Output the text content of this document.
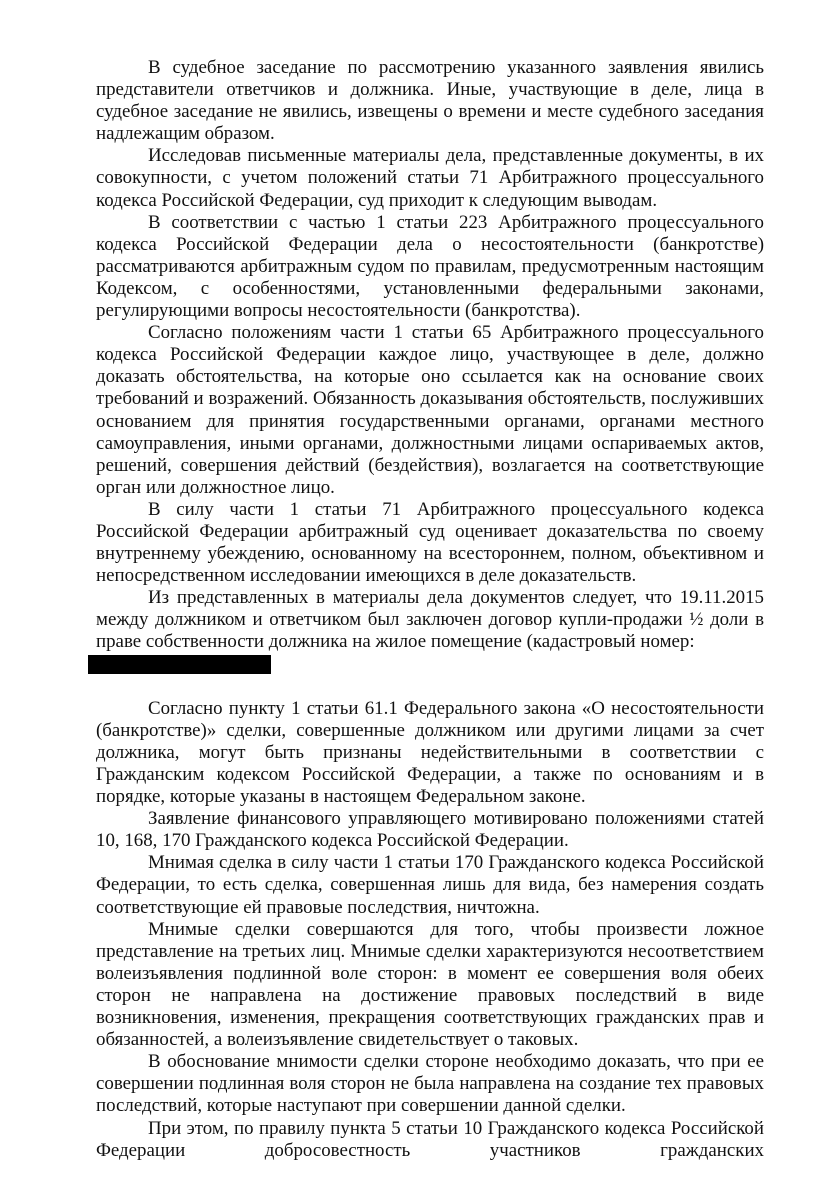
В судебное заседание по рассмотрению указанного заявления явились представители ответчиков и должника. Иные, участвующие в деле, лица в судебное заседание не явились, извещены о времени и месте судебного заседания надлежащим образом.

Исследовав письменные материалы дела, представленные документы, в их совокупности, с учетом положений статьи 71 Арбитражного процессуального кодекса Российской Федерации, суд приходит к следующим выводам.

В соответствии с частью 1 статьи 223 Арбитражного процессуального кодекса Российской Федерации дела о несостоятельности (банкротстве) рассматриваются арбитражным судом по правилам, предусмотренным настоящим Кодексом, с особенностями, установленными федеральными законами, регулирующими вопросы несостоятельности (банкротства).

Согласно положениям части 1 статьи 65 Арбитражного процессуального кодекса Российской Федерации каждое лицо, участвующее в деле, должно доказать обстоятельства, на которые оно ссылается как на основание своих требований и возражений. Обязанность доказывания обстоятельств, послуживших основанием для принятия государственными органами, органами местного самоуправления, иными органами, должностными лицами оспариваемых актов, решений, совершения действий (бездействия), возлагается на соответствующие орган или должностное лицо.

В силу части 1 статьи 71 Арбитражного процессуального кодекса Российской Федерации арбитражный суд оценивает доказательства по своему внутреннему убеждению, основанному на всестороннем, полном, объективном и непосредственном исследовании имеющихся в деле доказательств.

Из представленных в материалы дела документов следует, что 19.11.2015 между должником и ответчиком был заключен договор купли-продажи ½ доли в праве собственности должника на жилое помещение (кадастровый номер:

Согласно пункту 1 статьи 61.1 Федерального закона «О несостоятельности (банкротстве)» сделки, совершенные должником или другими лицами за счет должника, могут быть признаны недействительными в соответствии с Гражданским кодексом Российской Федерации, а также по основаниям и в порядке, которые указаны в настоящем Федеральном законе.

Заявление финансового управляющего мотивировано положениями статей 10, 168, 170 Гражданского кодекса Российской Федерации.

Мнимая сделка в силу части 1 статьи 170 Гражданского кодекса Российской Федерации, то есть сделка, совершенная лишь для вида, без намерения создать соответствующие ей правовые последствия, ничтожна.

Мнимые сделки совершаются для того, чтобы произвести ложное представление на третьих лиц. Мнимые сделки характеризуются несоответствием волеизъявления подлинной воле сторон: в момент ее совершения воля обеих сторон не направлена на достижение правовых последствий в виде возникновения, изменения, прекращения соответствующих гражданских прав и обязанностей, а волеизъявление свидетельствует о таковых.

В обоснование мнимости сделки стороне необходимо доказать, что при ее совершении подлинная воля сторон не была направлена на создание тех правовых последствий, которые наступают при совершении данной сделки.

При этом, по правилу пункта 5 статьи 10 Гражданского кодекса Российской Федерации добросовестность участников гражданских
